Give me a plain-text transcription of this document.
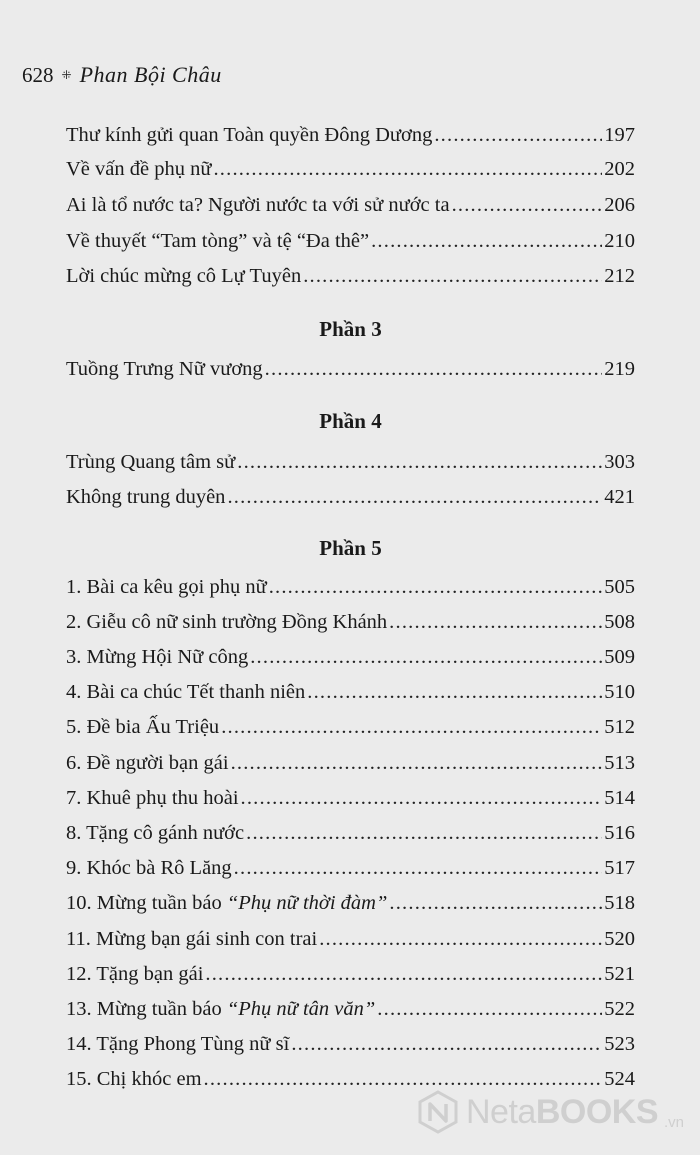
628 ⁜ Phan Bội Châu
Thư kính gửi quan Toàn quyền Đông Dương .....	197
Về vấn đề phụ nữ .....	202
Ai là tổ nước ta? Người nước ta với sử nước ta .....	206
Về thuyết “Tam tòng” và tệ “Đa thê” .....	210
Lời chúc mừng cô Lự Tuyên .....	212
Phần 3
Tuồng Trưng Nữ vương .....	219
Phần 4
Trùng Quang tâm sử .....	303
Không trung duyên .....	421
Phần 5
1. Bài ca kêu gọi phụ nữ .....	505
2. Giễu cô nữ sinh trường Đồng Khánh .....	508
3. Mừng Hội Nữ công .....	509
4. Bài ca chúc Tết thanh niên .....	510
5. Đề bia Ấu Triệu .....	512
6. Đề người bạn gái .....	513
7. Khuê phụ thu hoài .....	514
8. Tặng cô gánh nước .....	516
9. Khóc bà Rô Lăng .....	517
10. Mừng tuần báo “Phụ nữ thời đàm” .....	518
11. Mừng bạn gái sinh con trai .....	520
12. Tặng bạn gái .....	521
13. Mừng tuần báo “Phụ nữ tân văn” .....	522
14. Tặng Phong Tùng nữ sĩ .....	523
15. Chị khóc em .....	524
NetaBOOKS .vn
